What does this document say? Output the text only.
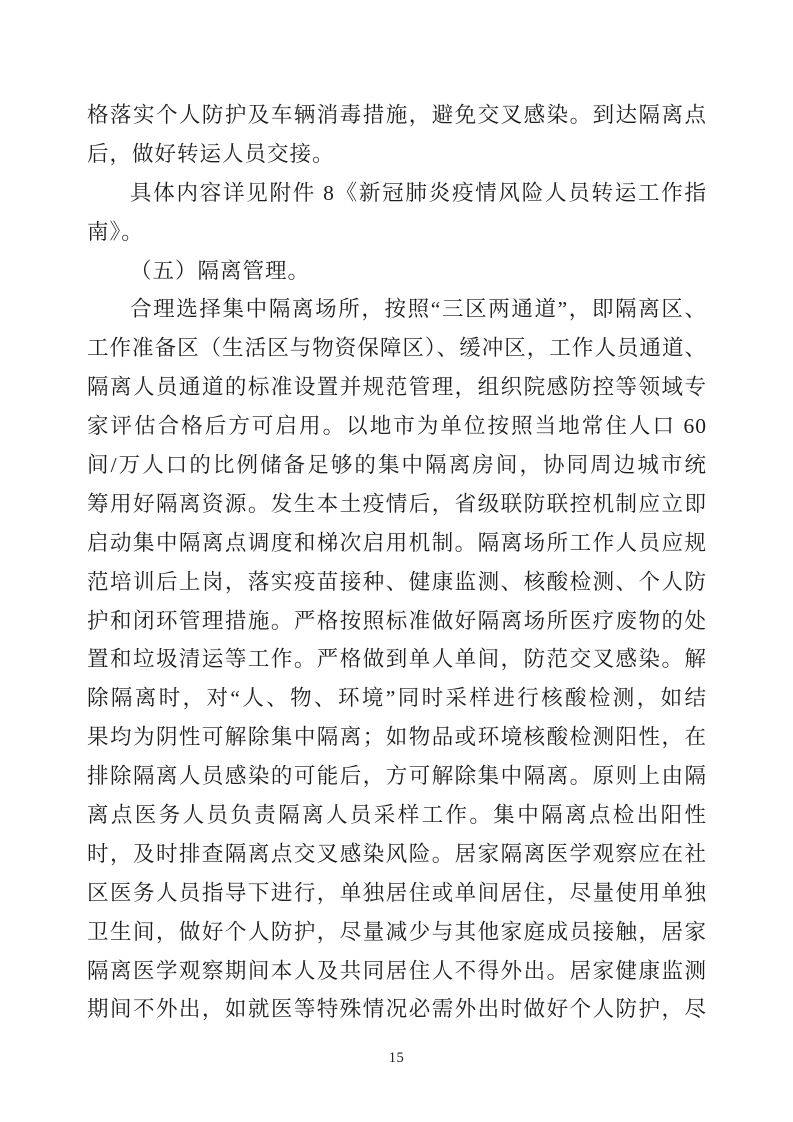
格落实个人防护及车辆消毒措施，避免交叉感染。到达隔离点
后，做好转运人员交接。
具体内容详见附件 8《新冠肺炎疫情风险人员转运工作指
南》。
（五）隔离管理。
合理选择集中隔离场所，按照“三区两通道”，即隔离区、
工作准备区（生活区与物资保障区）、缓冲区，工作人员通道、
隔离人员通道的标准设置并规范管理，组织院感防控等领域专
家评估合格后方可启用。以地市为单位按照当地常住人口 60
间/万人口的比例储备足够的集中隔离房间，协同周边城市统
筹用好隔离资源。发生本土疫情后，省级联防联控机制应立即
启动集中隔离点调度和梯次启用机制。隔离场所工作人员应规
范培训后上岗，落实疫苗接种、健康监测、核酸检测、个人防
护和闭环管理措施。严格按照标准做好隔离场所医疗废物的处
置和垃圾清运等工作。严格做到单人单间，防范交叉感染。解
除隔离时，对“人、物、环境”同时采样进行核酸检测，如结
果均为阴性可解除集中隔离；如物品或环境核酸检测阳性，在
排除隔离人员感染的可能后，方可解除集中隔离。原则上由隔
离点医务人员负责隔离人员采样工作。集中隔离点检出阳性
时，及时排查隔离点交叉感染风险。居家隔离医学观察应在社
区医务人员指导下进行，单独居住或单间居住，尽量使用单独
卫生间，做好个人防护，尽量减少与其他家庭成员接触，居家
隔离医学观察期间本人及共同居住人不得外出。居家健康监测
期间不外出，如就医等特殊情况必需外出时做好个人防护，尽
15
